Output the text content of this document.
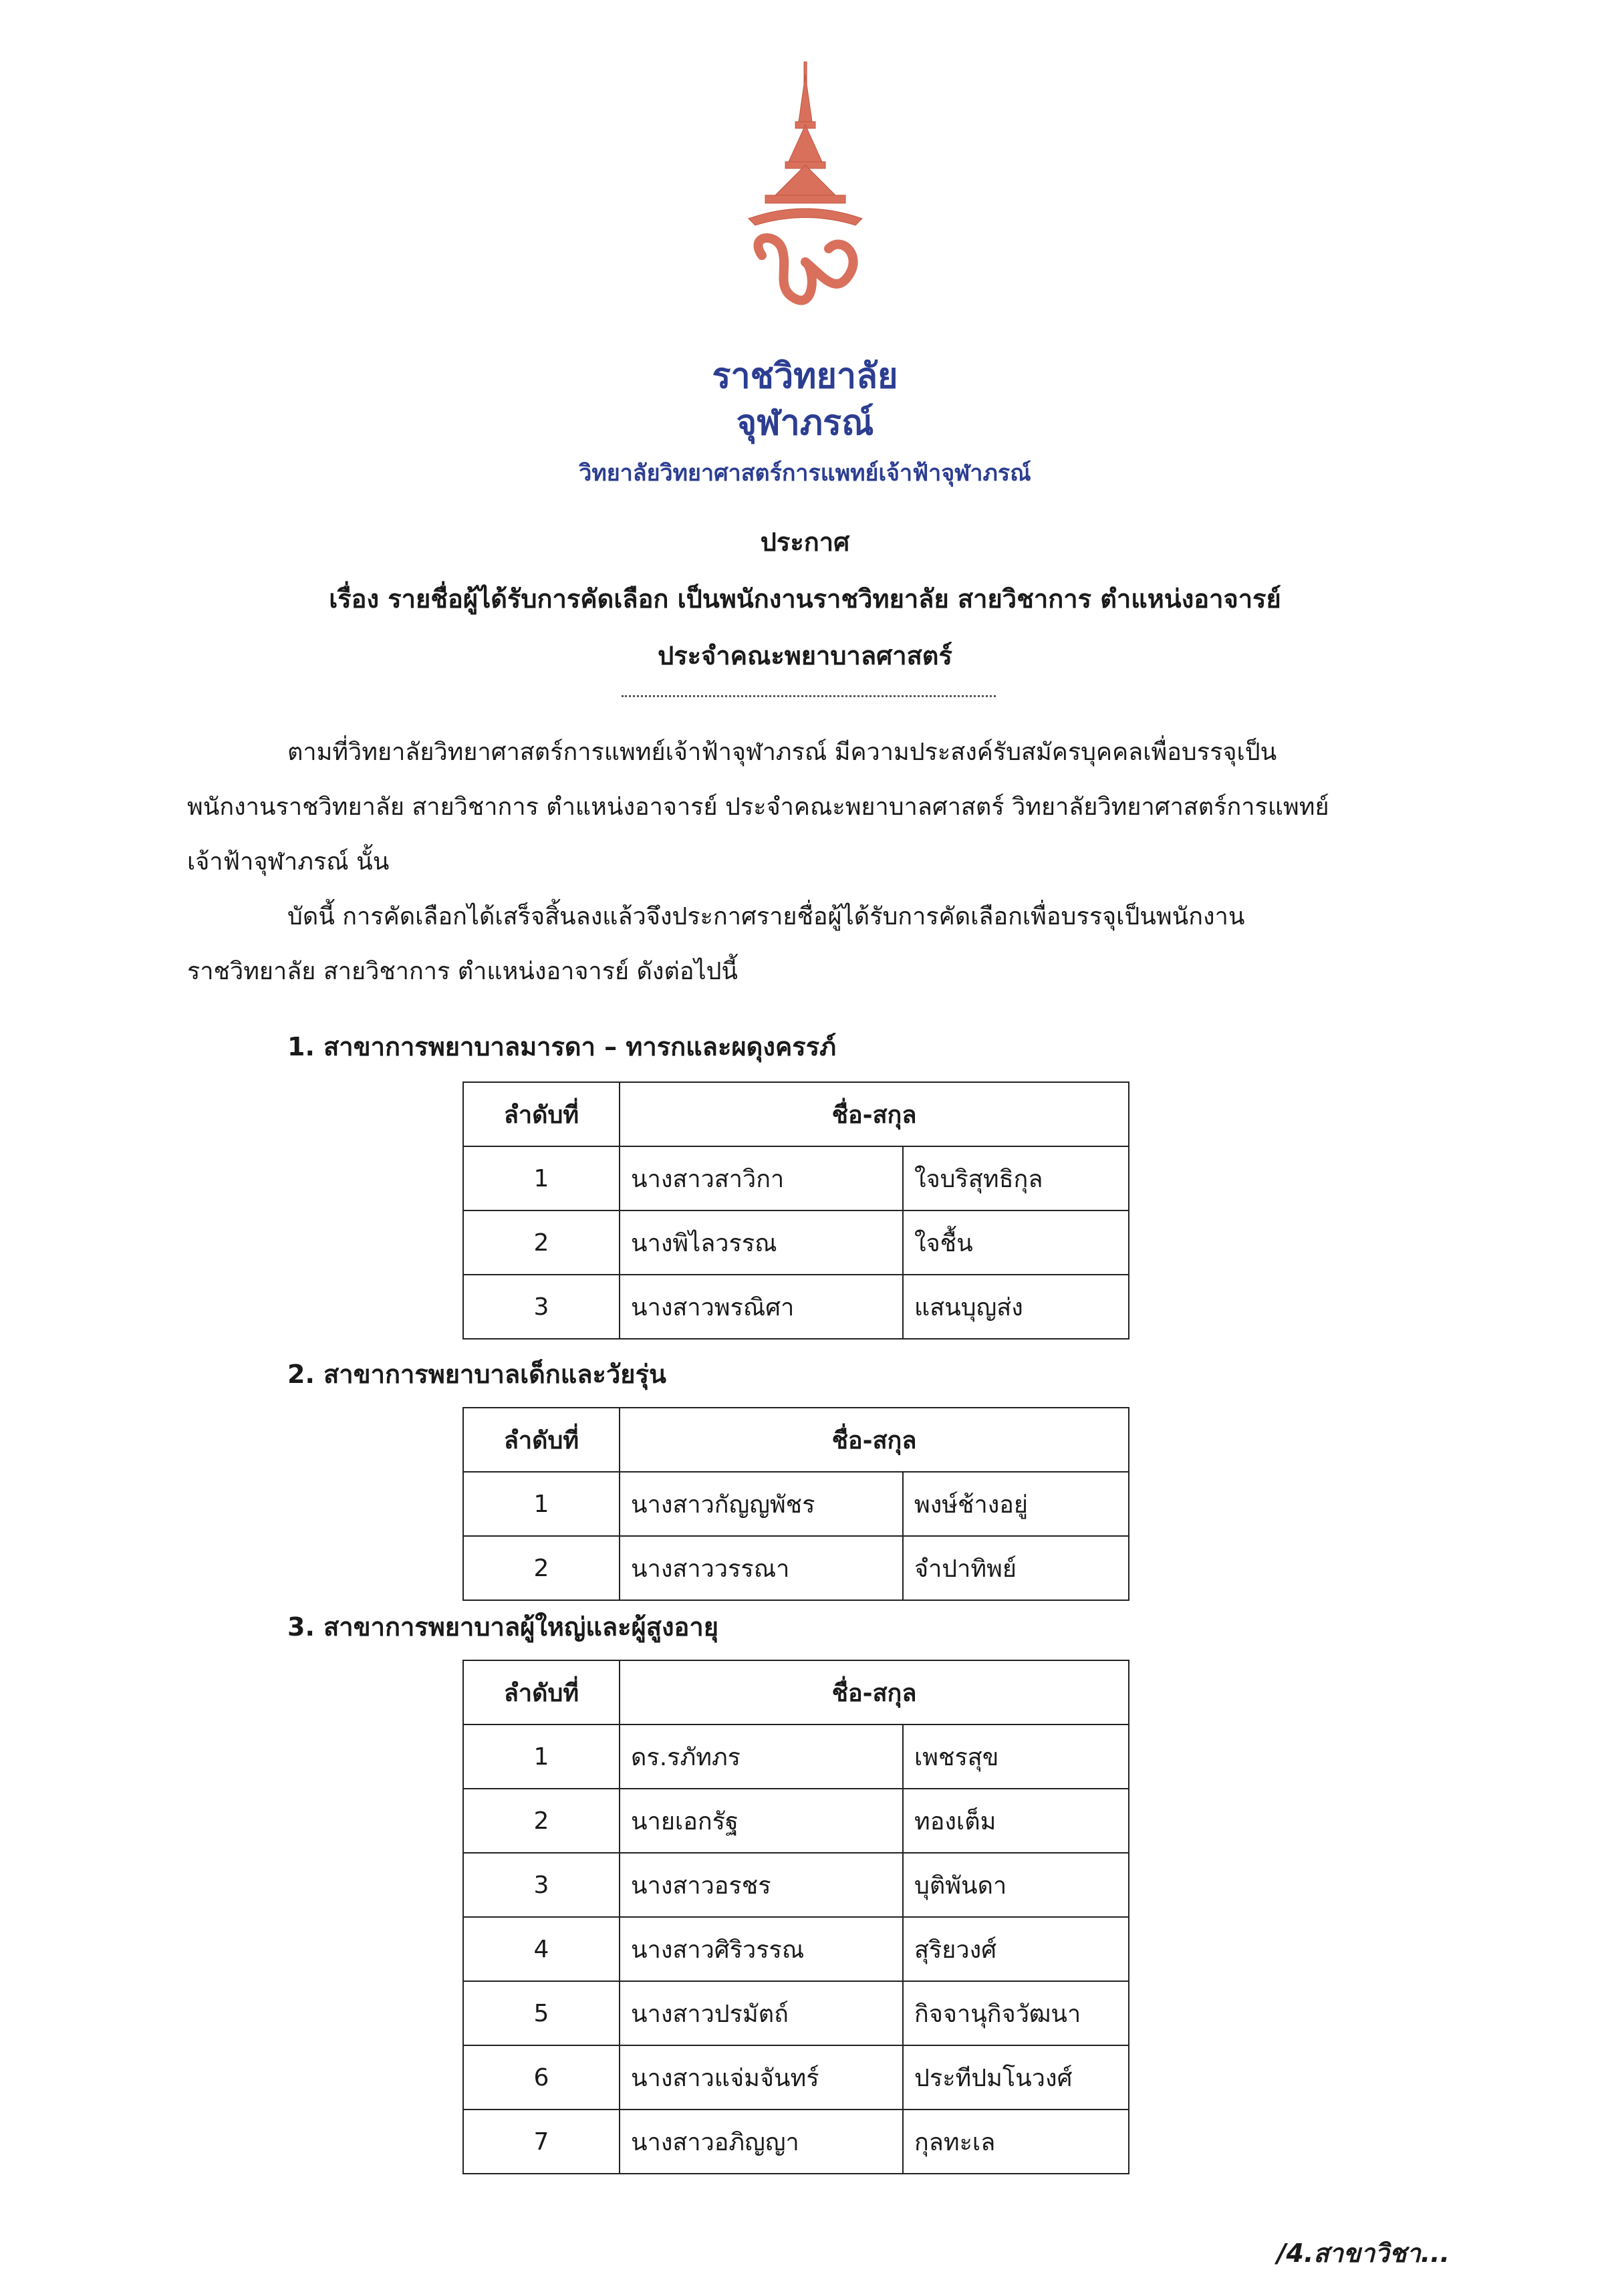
ราชวิทยาลัย
จุฬาภรณ์
วิทยาลัยวิทยาศาสตร์การแพทย์เจ้าฟ้าจุฬาภรณ์
ประกาศ
เรื่อง รายชื่อผู้ได้รับการคัดเลือก เป็นพนักงานราชวิทยาลัย สายวิชาการ ตำแหน่งอาจารย์
ประจำคณะพยาบาลศาสตร์
ตามที่วิทยาลัยวิทยาศาสตร์การแพทย์เจ้าฟ้าจุฬาภรณ์ มีความประสงค์รับสมัครบุคคลเพื่อบรรจุเป็น
พนักงานราชวิทยาลัย สายวิชาการ ตำแหน่งอาจารย์ ประจำคณะพยาบาลศาสตร์ วิทยาลัยวิทยาศาสตร์การแพทย์
เจ้าฟ้าจุฬาภรณ์ นั้น
บัดนี้ การคัดเลือกได้เสร็จสิ้นลงแล้วจึงประกาศรายชื่อผู้ได้รับการคัดเลือกเพื่อบรรจุเป็นพนักงาน
ราชวิทยาลัย สายวิชาการ ตำแหน่งอาจารย์ ดังต่อไปนี้
1. สาขาการพยาบาลมารดา – ทารกและผดุงครรภ์
ลำดับที่	ชื่อ-สกุล	
1	นางสาวสาวิกา	ใจบริสุทธิกุล
2	นางพิไลวรรณ	ใจชื้น
3	นางสาวพรณิศา	แสนบุญส่ง
2. สาขาการพยาบาลเด็กและวัยรุ่น
ลำดับที่	ชื่อ-สกุล	
1	นางสาวกัญญพัชร	พงษ์ช้างอยู่
2	นางสาววรรณา	จำปาทิพย์
3. สาขาการพยาบาลผู้ใหญ่และผู้สูงอายุ
ลำดับที่	ชื่อ-สกุล	
1	ดร.รภัทภร	เพชรสุข
2	นายเอกรัฐ	ทองเต็ม
3	นางสาวอรชร	บุติพันดา
4	นางสาวศิริวรรณ	สุริยวงศ์
5	นางสาวปรมัตถ์	กิจจานุกิจวัฒนา
6	นางสาวแจ่มจันทร์	ประทีปมโนวงศ์
7	นางสาวอภิญญา	กุลทะเล
/4.สาขาวิชา...
